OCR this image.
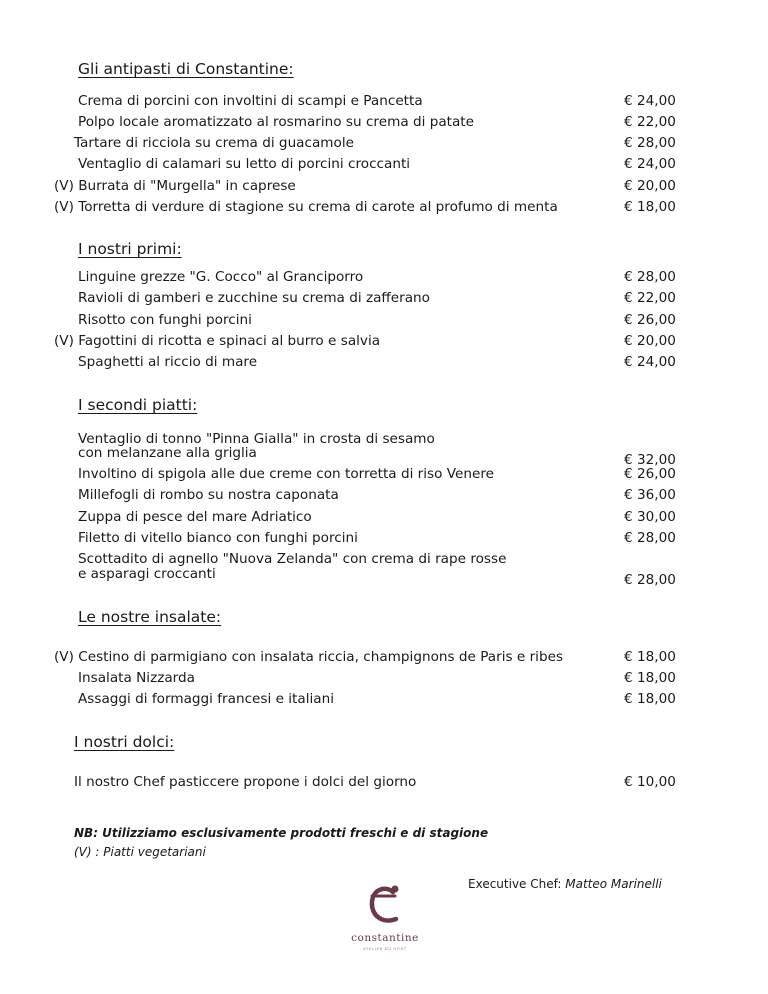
Gli antipasti di Constantine:
Crema di porcini con involtini di scampi e Pancetta	€ 24,00
Polpo locale aromatizzato al rosmarino su crema di patate	€ 22,00
Tartare di ricciola su crema di guacamole	€ 28,00
Ventaglio di calamari su letto di porcini croccanti	€ 24,00
(V) Burrata di "Murgella" in caprese	€ 20,00
(V) Torretta di verdure di stagione su crema di carote al profumo di menta	€ 18,00
I nostri primi:
Linguine grezze "G. Cocco" al Granciporro	€ 28,00
Ravioli di gamberi e zucchine su crema di zafferano	€ 22,00
Risotto con funghi porcini	€ 26,00
(V) Fagottini di ricotta e spinaci al burro e salvia	€ 20,00
Spaghetti al riccio di mare	€ 24,00
I secondi piatti:
Ventaglio di tonno "Pinna Gialla" in crosta di sesamo
con melanzane alla griglia	€ 32,00
Involtino di spigola alle due creme con torretta di riso Venere	€ 26,00
Millefogli di rombo su nostra caponata	€ 36,00
Zuppa di pesce del mare Adriatico	€ 30,00
Filetto di vitello bianco con funghi porcini	€ 28,00
Scottadito di agnello "Nuova Zelanda" con crema di rape rosse
e asparagi croccanti	€ 28,00
Le nostre insalate:
(V) Cestino di parmigiano con insalata riccia, champignons de Paris e ribes	€ 18,00
Insalata Nizzarda	€ 18,00
Assaggi di formaggi francesi e italiani	€ 18,00
I nostri dolci:
Il nostro Chef pasticcere propone i dolci del giorno	€ 10,00
NB: Utilizziamo esclusivamente prodotti freschi e di stagione
(V) : Piatti vegetariani
Executive Chef: Matteo Marinelli
constantine
ATELIER DU GOÛT
